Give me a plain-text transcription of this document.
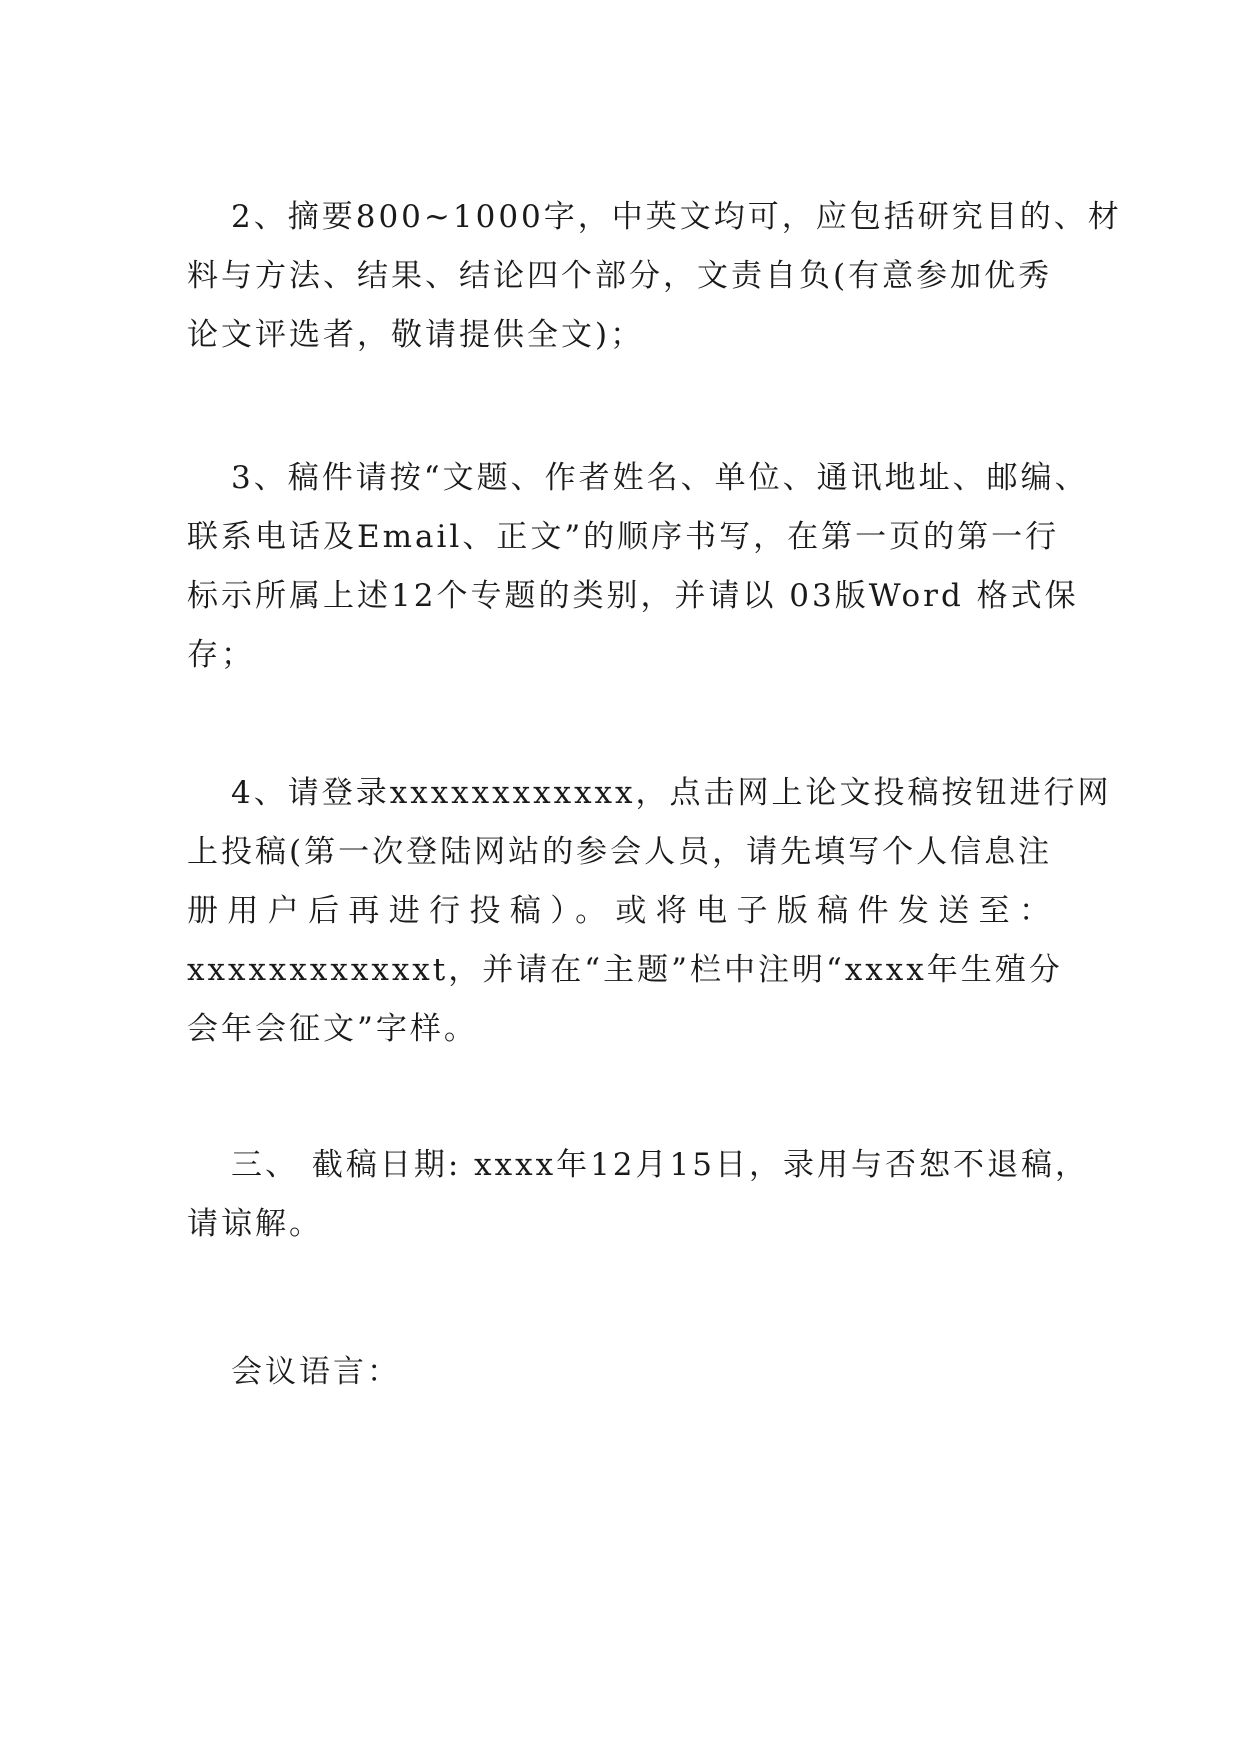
2、摘要800~1000字，中英文均可，应包括研究目的、材
料与方法、结果、结论四个部分，文责自负(有意参加优秀
论文评选者，敬请提供全文)；
3、稿件请按“文题、作者姓名、单位、通讯地址、邮编、
联系电话及Email、正文”的顺序书写，在第一页的第一行
标示所属上述12个专题的类别，并请以 03版Word 格式保
存；
4、请登录xxxxxxxxxxxx，点击网上论文投稿按钮进行网
上投稿(第一次登陆网站的参会人员，请先填写个人信息注
册用户后再进行投稿）。或将电子版稿件发送至：
xxxxxxxxxxxxt，并请在“主题”栏中注明“xxxx年生殖分
会年会征文”字样。
三、 截稿日期: xxxx年12月15日，录用与否恕不退稿，
请谅解。
会议语言：
